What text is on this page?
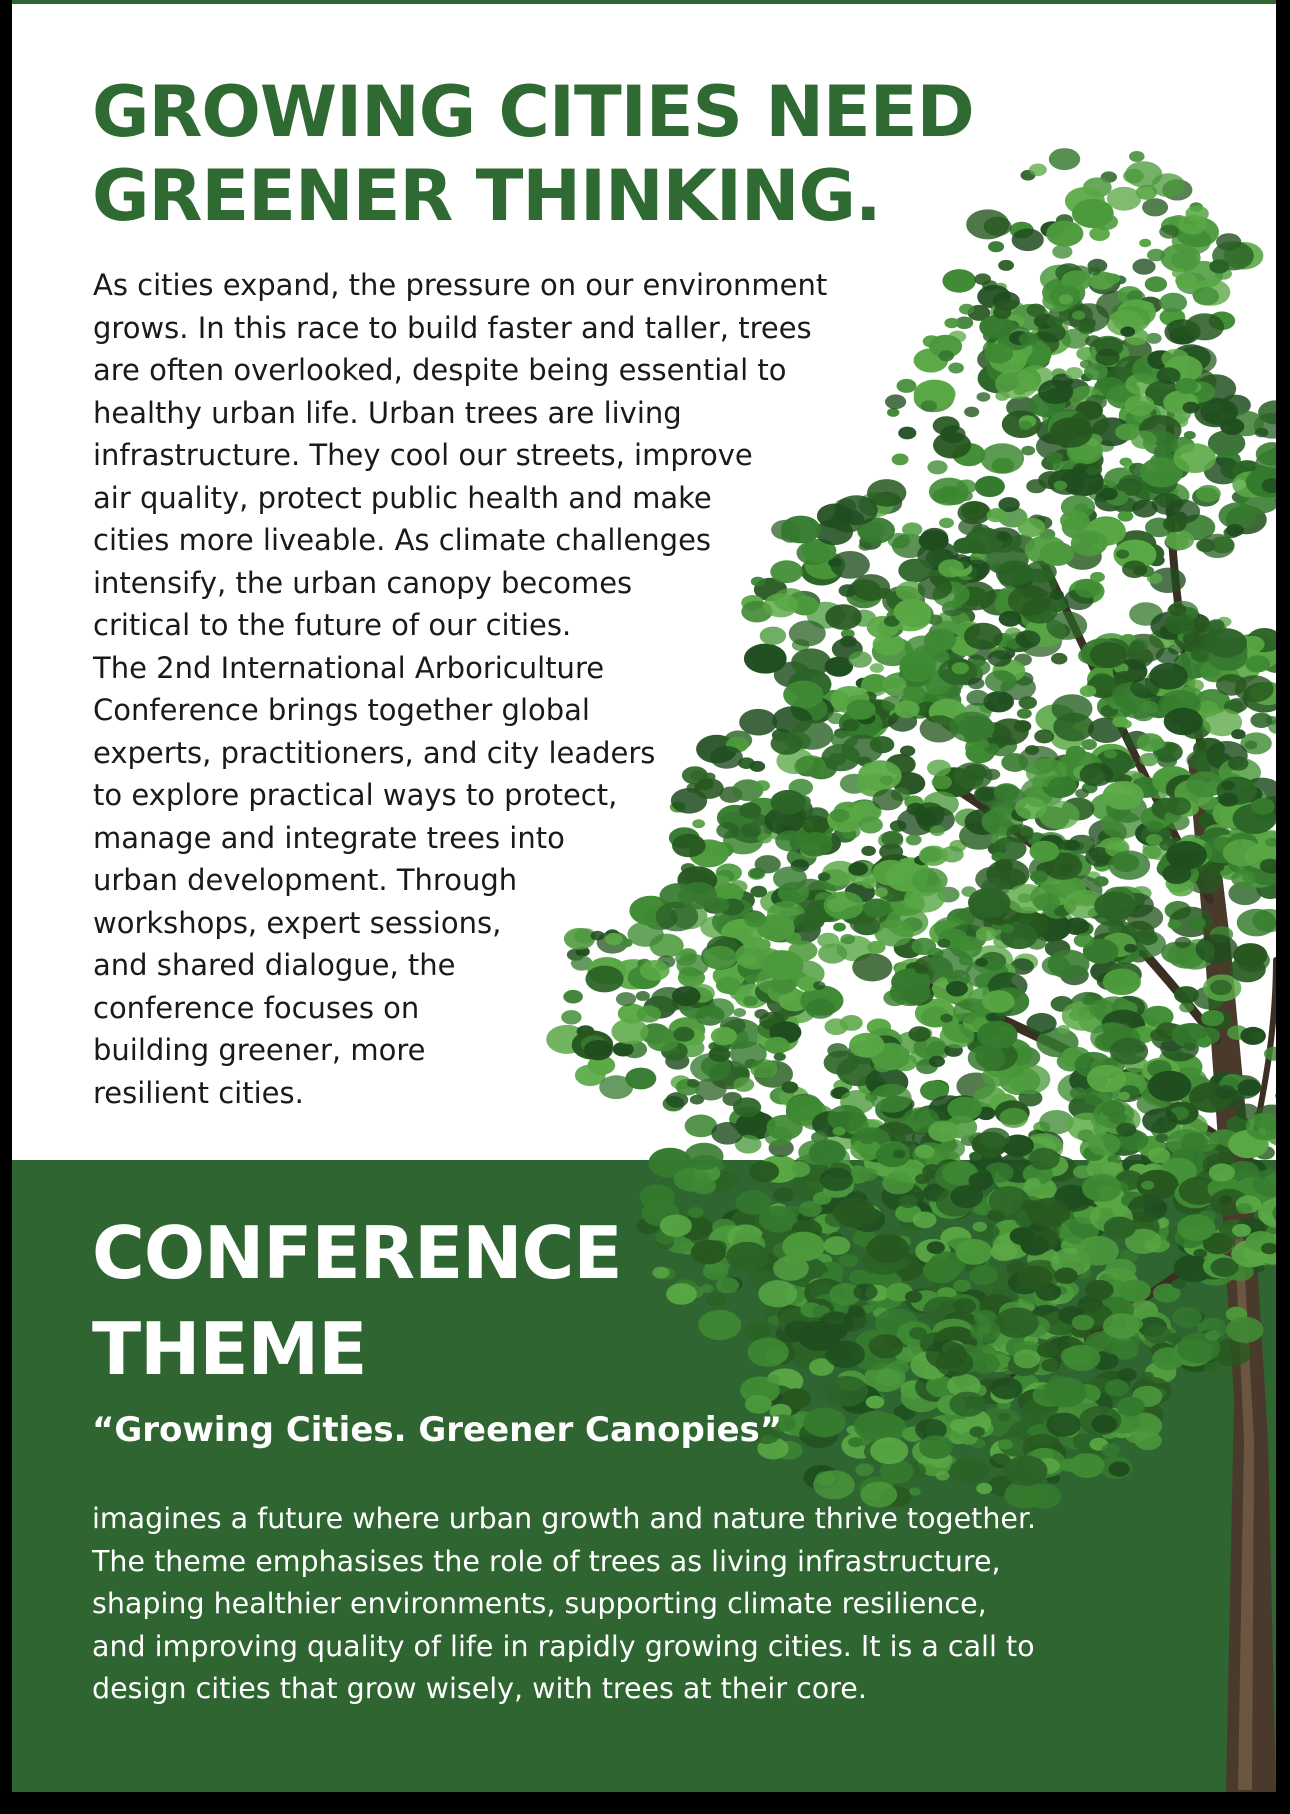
GROWING CITIES NEED
GREENER THINKING.
As cities expand, the pressure on our environment
grows. In this race to build faster and taller, trees
are often overlooked, despite being essential to
healthy urban life. Urban trees are living
infrastructure. They cool our streets, improve
air quality, protect public health and make
cities more liveable. As climate challenges
intensify, the urban canopy becomes
critical to the future of our cities.
The 2nd International Arboriculture
Conference brings together global
experts, practitioners, and city leaders
to explore practical ways to protect,
manage and integrate trees into
urban development. Through
workshops, expert sessions,
and shared dialogue, the
conference focuses on
building greener, more
resilient cities.
CONFERENCE
THEME
“Growing Cities. Greener Canopies”
imagines a future where urban growth and nature thrive together.
The theme emphasises the role of trees as living infrastructure,
shaping healthier environments, supporting climate resilience,
and improving quality of life in rapidly growing cities. It is a call to
design cities that grow wisely, with trees at their core.
